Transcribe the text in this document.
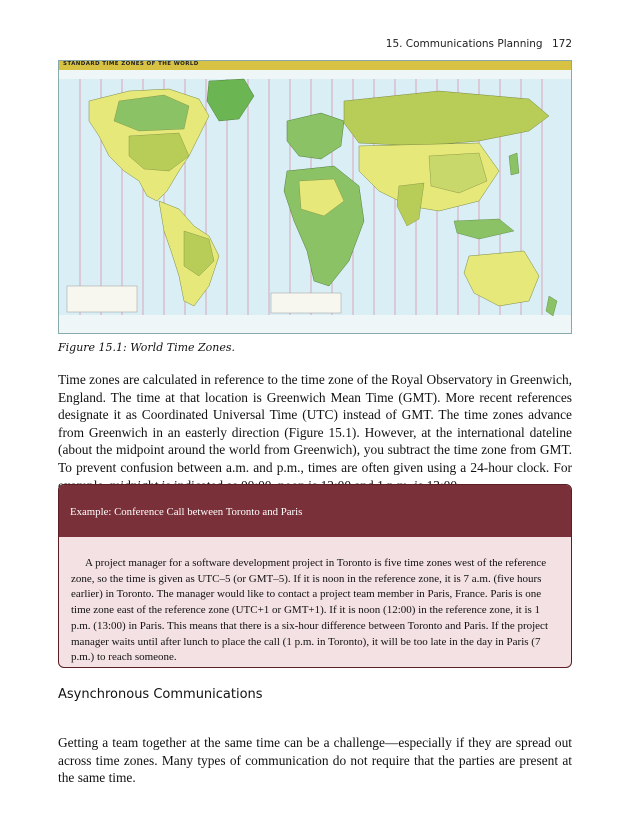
15. Communications Planning 172
STANDARD TIME ZONES OF THE WORLD
Figure 15.1: World Time Zones.

Time zones are calculated in reference to the time zone of the Royal Observatory in Greenwich, England. The time at that location is Greenwich Mean Time (GMT). More recent references designate it as Coordinated Universal Time (UTC) instead of GMT. The time zones advance from Greenwich in an easterly direction (Figure 15.1). However, at the international dateline (about the midpoint around the world from Greenwich), you subtract the time zone from GMT. To prevent confusion between a.m. and p.m., times are often given using a 24-hour clock. For

Example: Conference Call between Toronto and Paris

A project manager for a software development project in Toronto is five time zones west of the reference zone, so the time is given as UTC–5 (or GMT–5). If it is noon in the reference zone, it is 7 a.m. (five hours earlier) in Toronto. The manager would like to contact a project team member in Paris, France. Paris is one time zone east of the reference zone (UTC+1 or GMT+1). If it is noon (12:00) in the reference zone, it is 1 p.m. (13:00) in Paris. This means that there is a six-hour difference between Toronto and Paris. If the project manager waits until after lunch to place the call (1 p.m. in Toronto), it will be too late in the day in Paris (7 p.m.) to reach someone.

Asynchronous Communications

Getting a team together at the same time can be a challenge—especially if they are spread out across time zones. Many types of communication do not require that the parties are present at the same time.
